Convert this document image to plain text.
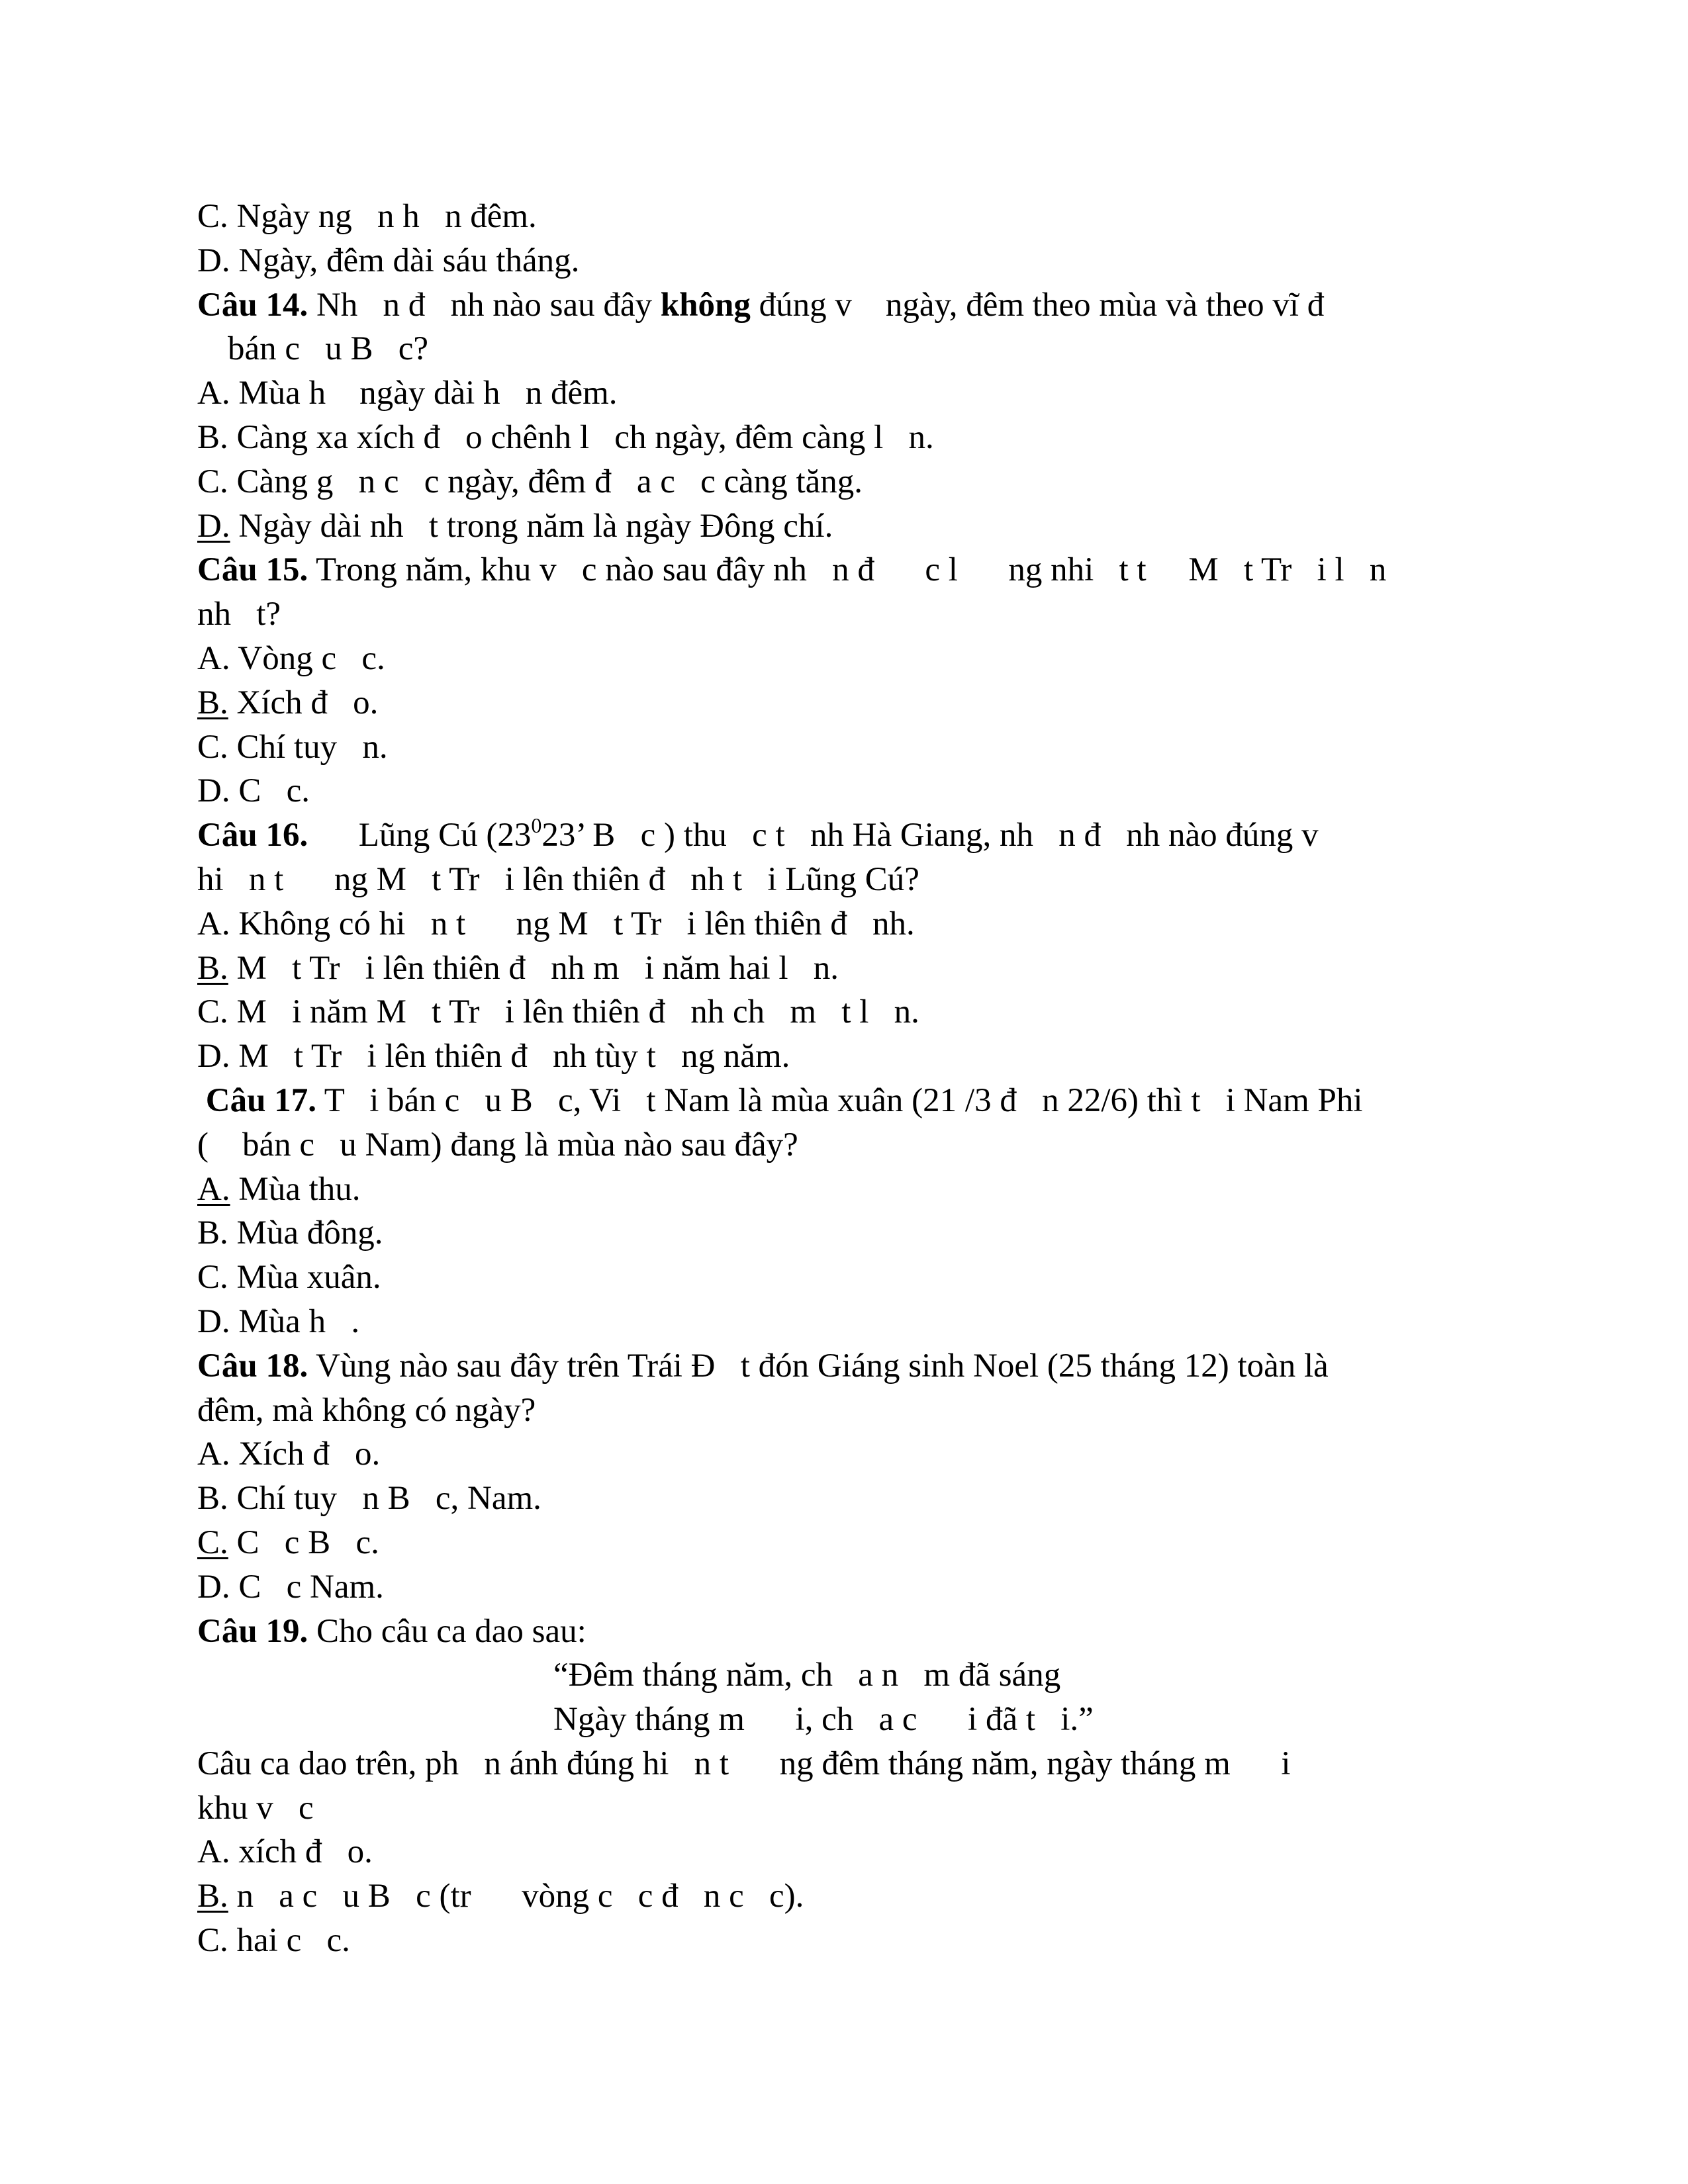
C. Ngày ng   n h   n đêm.
D. Ngày, đêm dài sáu tháng.
Câu 14. Nh   n đ   nh nào sau đây không đúng v    ngày, đêm theo mùa và theo vĩ đ
bán c   u B   c?
A. Mùa h    ngày dài h   n đêm.
B. Càng xa xích đ   o chênh l   ch ngày, đêm càng l   n.
C. Càng g   n c   c ngày, đêm đ   a c   c càng tăng.
D. Ngày dài nh   t trong năm là ngày Đông chí.
Câu 15. Trong năm, khu v   c nào sau đây nh   n đ      c l      ng nhi   t t     M   t Tr   i l   n
nh   t?
A. Vòng c   c.
B. Xích đ   o.
C. Chí tuy   n.
D. C   c.
Câu 16.      Lũng Cú ($23^023$’ B   c ) thu   c t   nh Hà Giang, nh   n đ   nh nào đúng v
hi   n t      ng M   t Tr   i lên thiên đ   nh t   i Lũng Cú?
A. Không có hi   n t      ng M   t Tr   i lên thiên đ   nh.
B. M   t Tr   i lên thiên đ   nh m   i năm hai l   n.
C. M   i năm M   t Tr   i lên thiên đ   nh ch   m   t l   n.
D. M   t Tr   i lên thiên đ   nh tùy t   ng năm.
Câu 17. T   i bán c   u B   c, Vi   t Nam là mùa xuân (21 /3 đ   n 22/6) thì t   i Nam Phi
(    bán c   u Nam) đang là mùa nào sau đây?
A. Mùa thu.
B. Mùa đông.
C. Mùa xuân.
D. Mùa h   .
Câu 18. Vùng nào sau đây trên Trái Đ   t đón Giáng sinh Noel (25 tháng 12) toàn là
đêm, mà không có ngày?
A. Xích đ   o.
B. Chí tuy   n B   c, Nam.
C. C   c B   c.
D. C   c Nam.
Câu 19. Cho câu ca dao sau:
“Đêm tháng năm, ch   a n   m đã sáng
Ngày tháng m      i, ch   a c      i đã t   i.”
Câu ca dao trên, ph   n ánh đúng hi   n t      ng đêm tháng năm, ngày tháng m      i
khu v   c
A. xích đ   o.
B. n   a c   u B   c (tr      vòng c   c đ   n c   c).
C. hai c   c.
